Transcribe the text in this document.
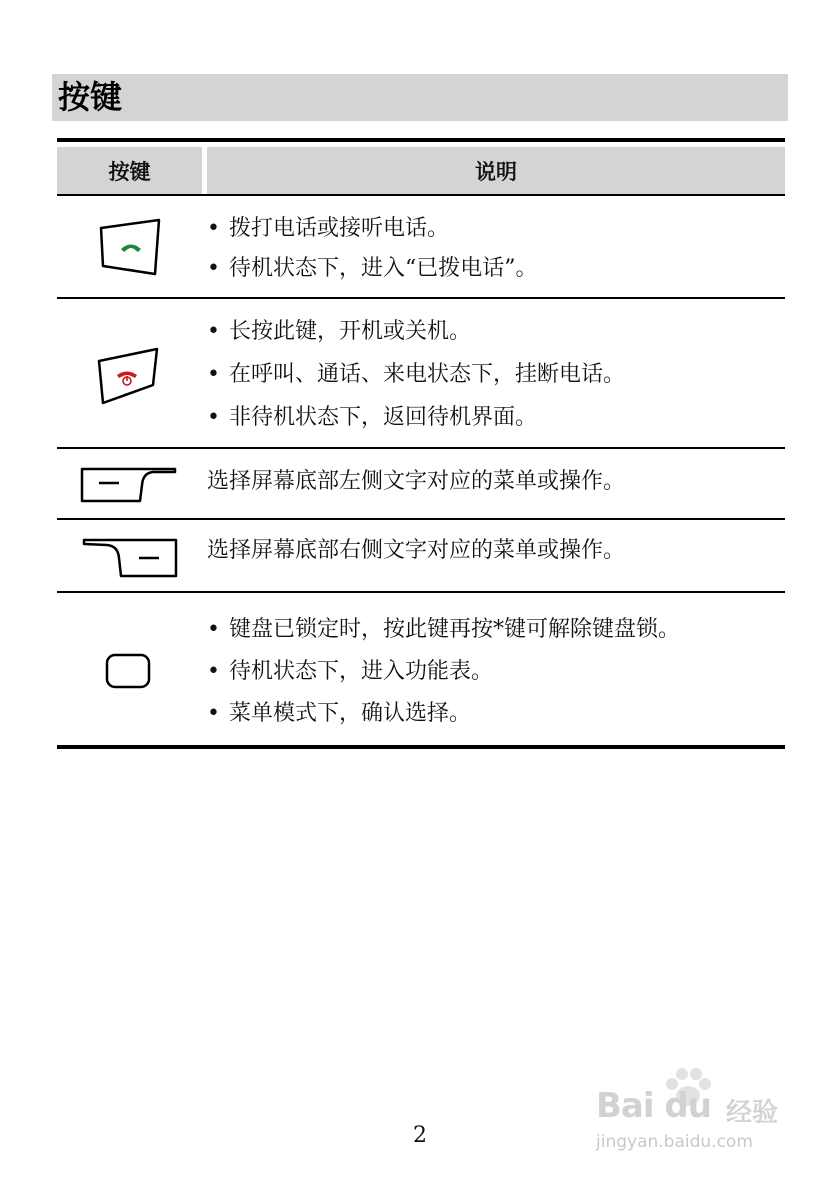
按键
按键	说明
• 拨打电话或接听电话。
• 待机状态下，进入“已拨电话”。
• 长按此键，开机或关机。
• 在呼叫、通话、来电状态下，挂断电话。
• 非待机状态下，返回待机界面。
选择屏幕底部左侧文字对应的菜单或操作。
选择屏幕底部右侧文字对应的菜单或操作。
• 键盘已锁定时，按此键再按*键可解除键盘锁。
• 待机状态下，进入功能表。
• 菜单模式下，确认选择。
2
Bai du 经验
jingyan.baidu.com
